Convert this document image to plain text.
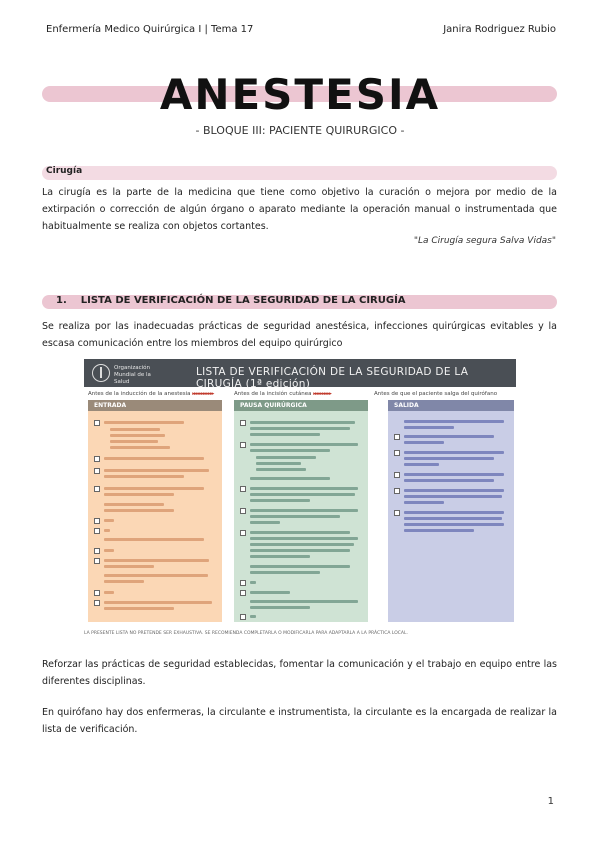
Enfermería Medico Quirúrgica I | Tema 17	Janira Rodriguez Rubio
ANESTESIA
- BLOQUE III: PACIENTE QUIRURGICO -
Cirugía
La cirugía es la parte de la medicina que tiene como objetivo la curación o mejora por medio de la extirpación o corrección de algún órgano o aparato mediante la operación manual o instrumentada que habitualmente se realiza con objetos cortantes.
"La Cirugía segura Salva Vidas"
1. LISTA DE VERIFICACIÓN DE LA SEGURIDAD DE LA CIRUGÍA
Se realiza por las inadecuadas prácticas de seguridad anestésica, infecciones quirúrgicas evitables y la escasa comunicación entre los miembros del equipo quirúrgico
Organización Mundial de la Salud
LISTA DE VERIFICACIÓN DE LA SEGURIDAD DE LA CIRUGÍA (1ª edición)
Antes de la inducción de la anestesia ▸▸▸▸▸▸▸▸▸▸▸▸	Antes de la incisión cutánea ▸▸▸▸▸▸▸▸▸▸	Antes de que el paciente salga del quirófano
ENTRADA	PAUSA QUIRÚRGICA	SALIDA
LA PRESENTE LISTA NO PRETENDE SER EXHAUSTIVA. SE RECOMIENDA COMPLETARLA O MODIFICARLA PARA ADAPTARLA A LA PRÁCTICA LOCAL.
Reforzar las prácticas de seguridad establecidas, fomentar la comunicación y el trabajo en equipo entre las diferentes disciplinas.
En quirófano hay dos enfermeras, la circulante e instrumentista, la circulante es la encargada de realizar la lista de verificación.
1
